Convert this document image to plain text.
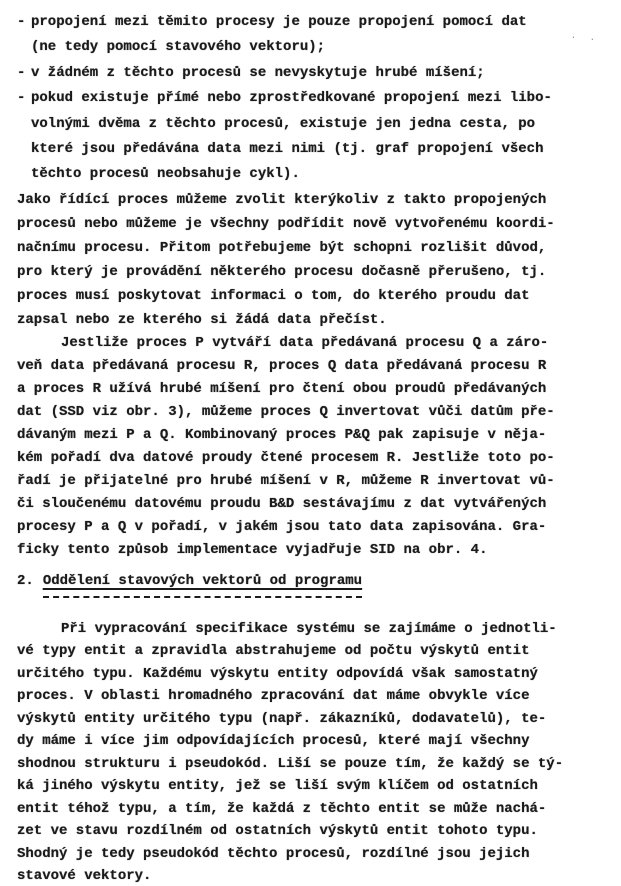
· .
- propojení mezi těmito procesy je pouze propojení pomocí dat
(ne tedy pomocí stavového vektoru);
- v žádném z těchto procesů se nevyskytuje hrubé míšení;
- pokud existuje přímé nebo zprostředkované propojení mezi libo-
volnými dvěma z těchto procesů, existuje jen jedna cesta, po
které jsou předávána data mezi nimi (tj. graf propojení všech
těchto procesů neobsahuje cykl).
Jako řídící proces můžeme zvolit kterýkoliv z takto propojených
procesů nebo můžeme je všechny podřídit nově vytvořenému koordi-
načnímu procesu. Přitom potřebujeme být schopni rozlišit důvod,
pro který je provádění některého procesu dočasně přerušeno, tj.
proces musí poskytovat informaci o tom, do kterého proudu dat
zapsal nebo ze kterého si žádá data přečíst.
Jestliže proces P vytváří data předávaná procesu Q a záro-
veň data předávaná procesu R, proces Q data předávaná procesu R
a proces R užívá hrubé míšení pro čtení obou proudů předávaných
dat (SSD viz obr. 3), můžeme proces Q invertovat vůči datům pře-
dávaným mezi P a Q. Kombinovaný proces P&Q pak zapisuje v něja-
kém pořadí dva datové proudy čtené procesem R. Jestliže toto po-
řadí je přijatelné pro hrubé míšení v R, můžeme R invertovat vů-
či sloučenému datovému proudu B&D sestávajímu z dat vytvářených
procesy P a Q v pořadí, v jakém jsou tato data zapisována. Gra-
ficky tento způsob implementace vyjadřuje SID na obr. 4.
2. Oddělení stavových vektorů od programu
Při vypracování specifikace systému se zajímáme o jednotli-
vé typy entit a zpravidla abstrahujeme od počtu výskytů entit
určitého typu. Každému výskytu entity odpovídá však samostatný
proces. V oblasti hromadného zpracování dat máme obvykle více
výskytů entity určitého typu (např. zákazníků, dodavatelů), te-
dy máme i více jim odpovídajících procesů, které mají všechny
shodnou strukturu i pseudokód. Liší se pouze tím, že každý se tý-
ká jiného výskytu entity, jež se liší svým klíčem od ostatních
entit téhož typu, a tím, že každá z těchto entit se může nachá-
zet ve stavu rozdílném od ostatních výskytů entit tohoto typu.
Shodný je tedy pseudokód těchto procesů, rozdílné jsou jejich
stavové vektory.
